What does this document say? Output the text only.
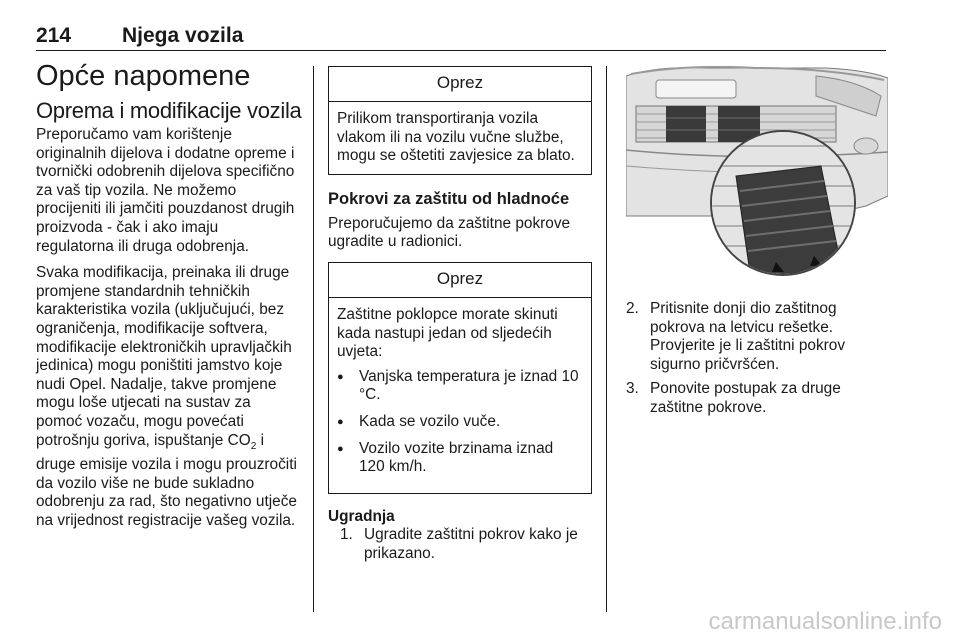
214 Njega vozila
Opće napomene
Oprema i modifikacije vozila

Preporučamo vam korištenje originalnih dijelova i dodatne opreme i tvornički odobrenih dijelova specifično za vaš tip vozila. Ne možemo procijeniti ili jamčiti pouzdanost drugih proizvoda - čak i ako imaju regulatorna ili druga odobrenja.

Svaka modifikacija, preinaka ili druge promjene standardnih tehničkih karakteristika vozila (uključujući, bez ograničenja, modifikacije softvera, modifikacije elektroničkih upravljačkih jedinica) mogu poništiti jamstvo koje nudi Opel. Nadalje, takve promjene mogu loše utjecati na sustav za pomoć vozaču, mogu povećati potrošnju goriva, ispuštanje $CO_2$ i druge emisije vozila i mogu prouzročiti da vozilo više ne bude sukladno odobrenju za rad, što negativno utječe na vrijednost registracije vašeg vozila.

Oprez

Prilikom transportiranja vozila vlakom ili na vozilu vučne službe, mogu se oštetiti zavjesice za blato.

Pokrovi za zaštitu od hladnoće

Preporučujemo da zaštitne pokrove ugradite u radionici.

Oprez

Zaštitne poklopce morate skinuti kada nastupi jedan od sljedećih uvjeta:

● Vanjska temperatura je iznad 10 °C.
● Kada se vozilo vuče.
● Vozilo vozite brzinama iznad 120 km/h.
Ugradnja
1. Ugradite zaštitni pokrov kako je prikazano.
2. Pritisnite donji dio zaštitnog pokrova na letvicu rešetke. Provjerite je li zaštitni pokrov sigurno pričvršćen.
3. Ponovite postupak za druge zaštitne pokrove.
carmanualsonline.info
